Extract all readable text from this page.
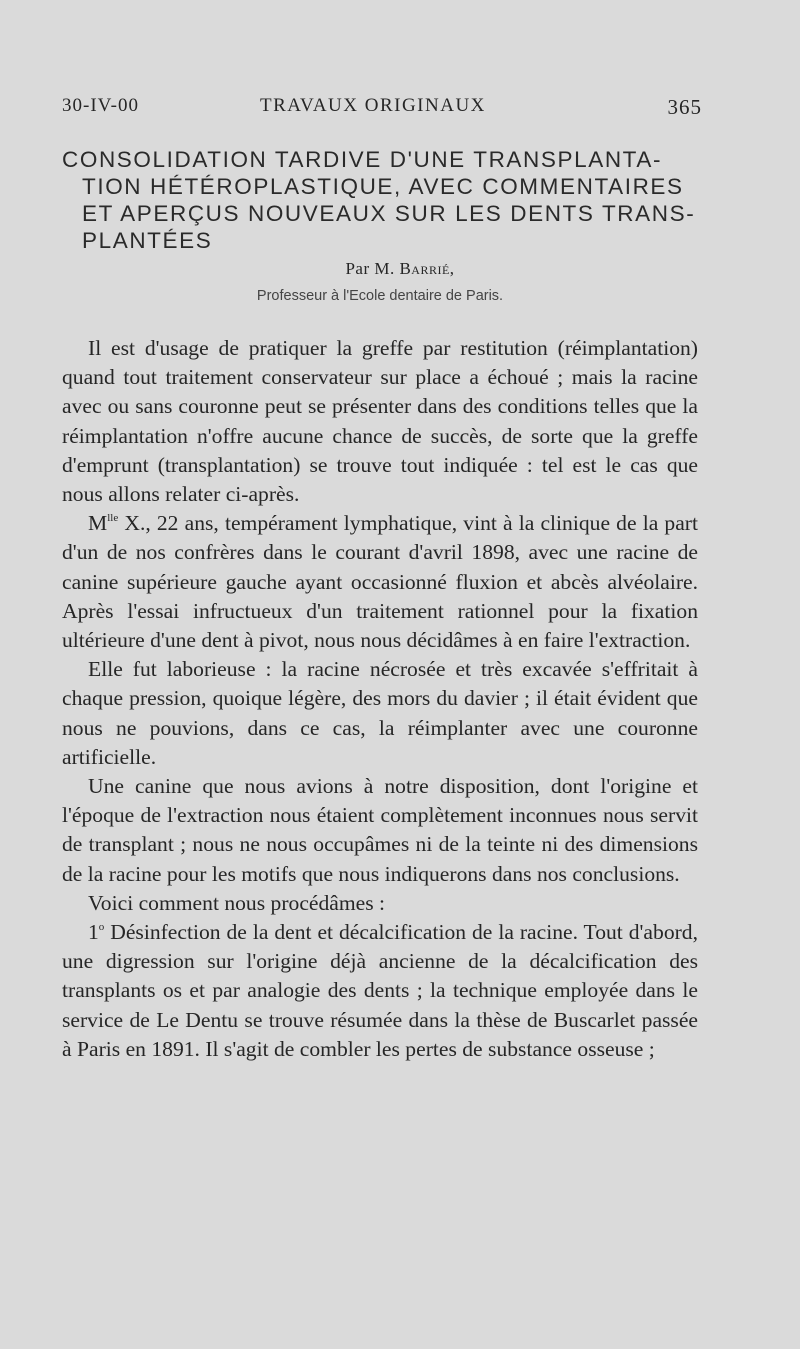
30-IV-00	TRAVAUX ORIGINAUX	365
CONSOLIDATION TARDIVE D'UNE TRANSPLANTA-
TION HÉTÉROPLASTIQUE, AVEC COMMENTAIRES
ET APERÇUS NOUVEAUX SUR LES DENTS TRANS-
PLANTÉES
Par M. Barrié,
Professeur à l'Ecole dentaire de Paris.

Il est d'usage de pratiquer la greffe par restitution (réimplantation) quand tout traitement conservateur sur place a échoué ; mais la racine avec ou sans couronne peut se présenter dans des conditions telles que la réimplantation n'offre aucune chance de succès, de sorte que la greffe d'emprunt (transplantation) se trouve tout indiquée : tel est le cas que nous allons relater ci-après.

$M^{lle}$ X., 22 ans, tempérament lymphatique, vint à la clinique de la part d'un de nos confrères dans le courant d'avril 1898, avec une racine de canine supérieure gauche ayant occasionné fluxion et abcès alvéolaire. Après l'essai infructueux d'un traitement rationnel pour la fixation ultérieure d'une dent à pivot, nous nous décidâmes à en faire l'extraction.

Elle fut laborieuse : la racine nécrosée et très excavée s'effritait à chaque pression, quoique légère, des mors du davier ; il était évident que nous ne pouvions, dans ce cas, la réimplanter avec une couronne artificielle.

Une canine que nous avions à notre disposition, dont l'origine et l'époque de l'extraction nous étaient complètement inconnues nous servit de transplant ; nous ne nous occupâmes ni de la teinte ni des dimensions de la racine pour les motifs que nous indiquerons dans nos conclusions.

Voici comment nous procédâmes :

1$^o$ Désinfection de la dent et décalcification de la racine. Tout d'abord, une digression sur l'origine déjà ancienne de la décalcification des transplants os et par analogie des dents ; la technique employée dans le service de Le Dentu se trouve résumée dans la thèse de Buscarlet passée à Paris en 1891. Il s'agit de combler les pertes de substance osseuse ;
